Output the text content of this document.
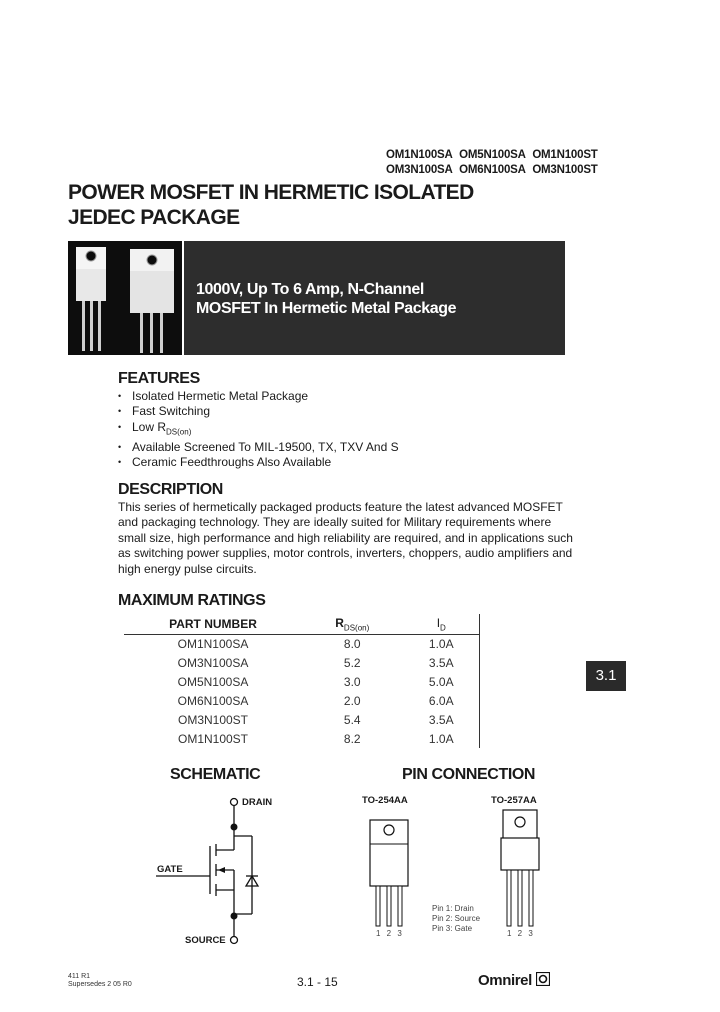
OM1N100SA OM5N100SA OM1N100ST
OM3N100SA OM6N100SA OM3N100ST
POWER MOSFET IN HERMETIC ISOLATED
JEDEC PACKAGE
1000V, Up To 6 Amp, N-Channel
MOSFET In Hermetic Metal Package
FEATURES
• Isolated Hermetic Metal Package
• Fast Switching
• Low $R_{DS(on)}$
• Available Screened To MIL-19500, TX, TXV And S
• Ceramic Feedthroughs Also Available
DESCRIPTION
This series of hermetically packaged products feature the latest advanced MOSFET
and packaging technology. They are ideally suited for Military requirements where
small size, high performance and high reliability are required, and in applications such
as switching power supplies, motor controls, inverters, choppers, audio amplifiers and
high energy pulse circuits.
MAXIMUM RATINGS
PART NUMBER	$R_{DS(on)}$	$I_D$
OM1N100SA	8.0	1.0A
OM3N100SA	5.2	3.5A
OM5N100SA	3.0	5.0A
OM6N100SA	2.0	6.0A
OM3N100ST	5.4	3.5A
OM1N100ST	8.2	1.0A
3.1
SCHEMATIC
DRAIN
GATE
SOURCE
PIN CONNECTION
TO-254AA	TO-257AA
1 2 3	1 2 3
Pin 1: Drain
Pin 2: Source
Pin 3: Gate
411 R1
Supersedes 2 05 R0	3.1 - 15	Omnirel
